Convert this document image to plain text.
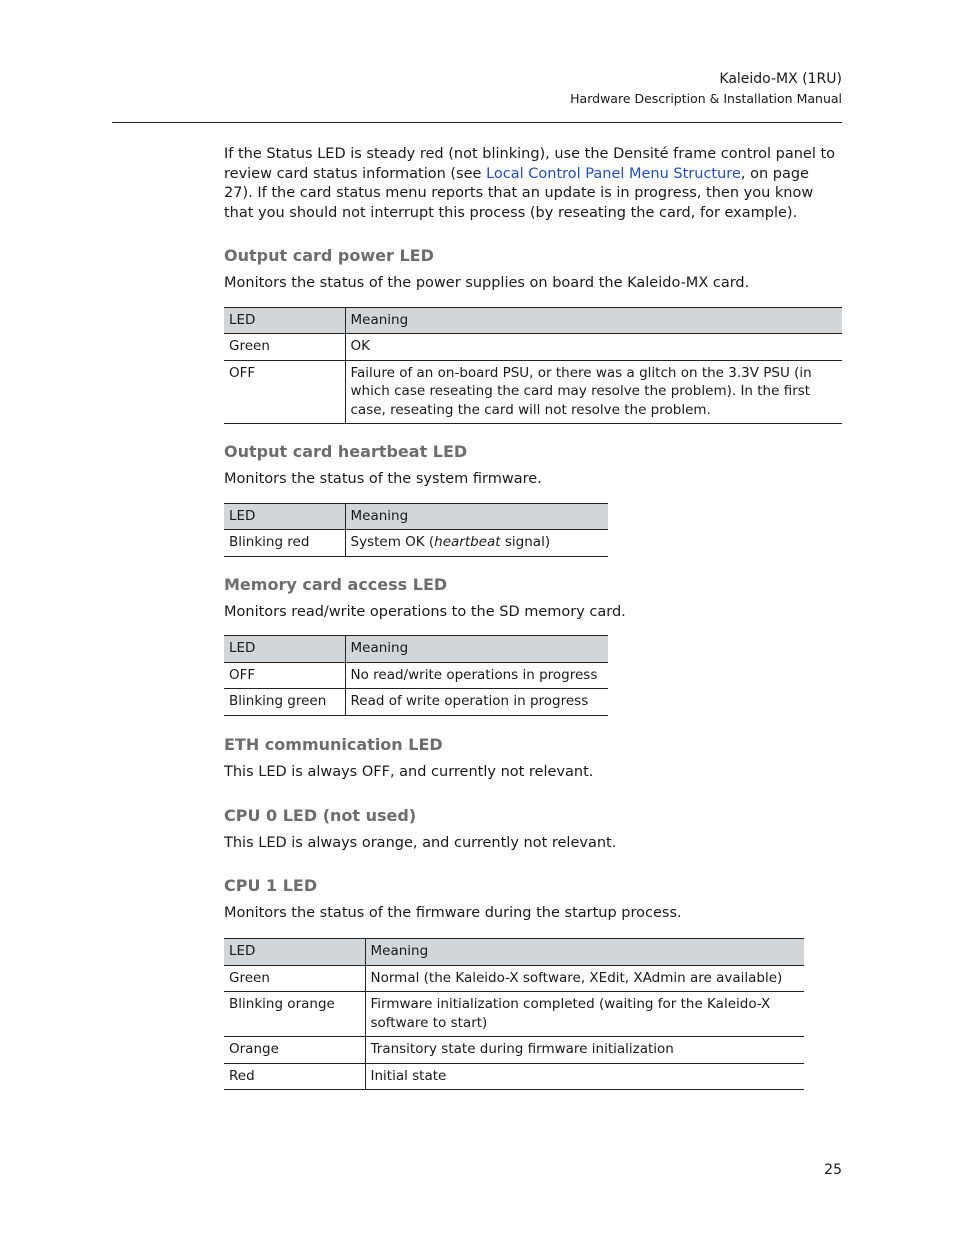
Kaleido-MX (1RU)
Hardware Description & Installation Manual

If the Status LED is steady red (not blinking), use the Densité frame control panel to review card status information (see Local Control Panel Menu Structure, on page 27). If the card status menu reports that an update is in progress, then you know that you should not interrupt this process (by reseating the card, for example).

Output card power LED

Monitors the status of the power supplies on board the Kaleido-MX card.

LED	Meaning
Green	OK
OFF	Failure of an on-board PSU, or there was a glitch on the 3.3V PSU (in which case reseating the card may resolve the problem). In the first case, reseating the card will not resolve the problem.
Output card heartbeat LED

Monitors the status of the system firmware.

LED	Meaning
Blinking red	System OK (heartbeat signal)
Memory card access LED

Monitors read/write operations to the SD memory card.

LED	Meaning
OFF	No read/write operations in progress
Blinking green	Read of write operation in progress
ETH communication LED

This LED is always OFF, and currently not relevant.

CPU 0 LED (not used)

This LED is always orange, and currently not relevant.

CPU 1 LED

Monitors the status of the firmware during the startup process.

LED	Meaning
Green	Normal (the Kaleido-X software, XEdit, XAdmin are available)
Blinking orange	Firmware initialization completed (waiting for the Kaleido-X software to start)
Orange	Transitory state during firmware initialization
Red	Initial state
25
